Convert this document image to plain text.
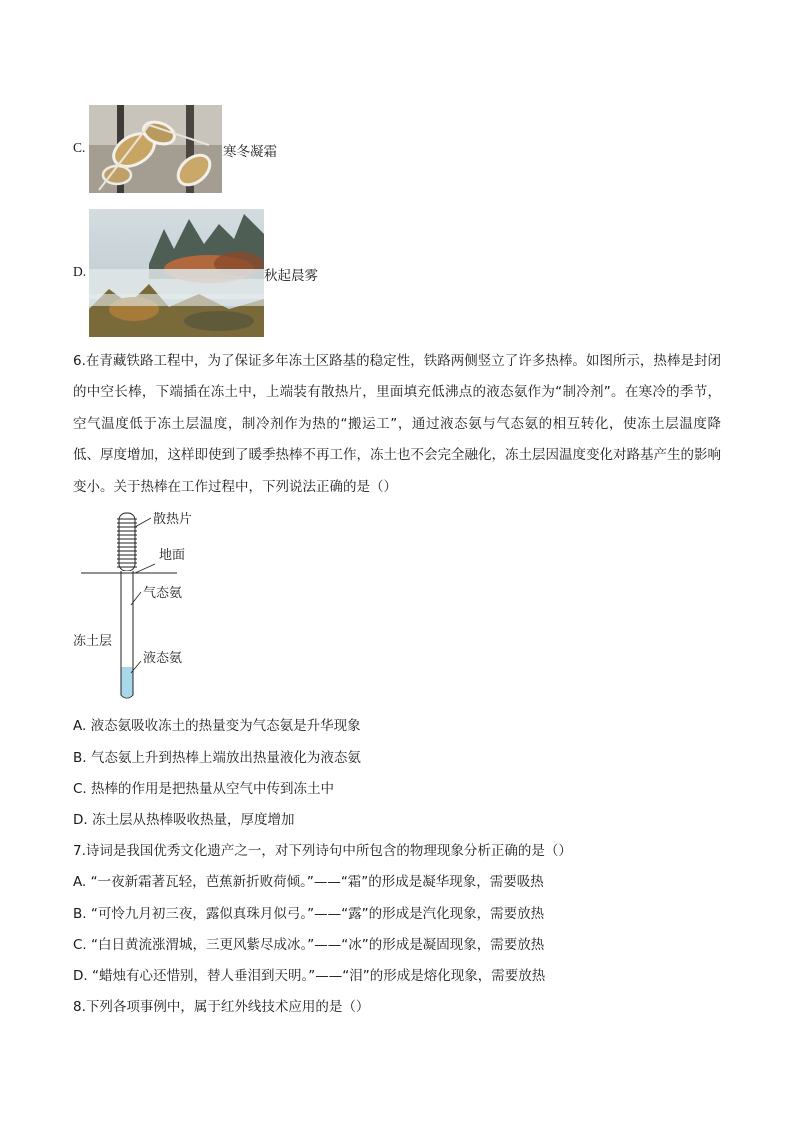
C.	寒冬凝霜
D.	秋起晨雾
6.在青藏铁路工程中，为了保证多年冻土区路基的稳定性，铁路两侧竖立了许多热棒。如图所示，热棒是封闭的中空长棒，下端插在冻土中，上端装有散热片，里面填充低沸点的液态氨作为“制冷剂”。在寒冷的季节，空气温度低于冻土层温度，制冷剂作为热的“搬运工”，通过液态氨与气态氨的相互转化，使冻土层温度降低、厚度增加，这样即使到了暖季热棒不再工作，冻土也不会完全融化，冻土层因温度变化对路基产生的影响变小。关于热棒在工作过程中，下列说法正确的是（）
散热片
地面
气态氨
冻土层
液态氨
A. 液态氨吸收冻土的热量变为气态氨是升华现象
B. 气态氨上升到热棒上端放出热量液化为液态氨
C. 热棒的作用是把热量从空气中传到冻土中
D. 冻土层从热棒吸收热量，厚度增加
7.诗词是我国优秀文化遗产之一，对下列诗句中所包含的物理现象分析正确的是（）
A. “一夜新霜著瓦轻，芭蕉新折败荷倾。”——“霜”的形成是凝华现象，需要吸热
B. “可怜九月初三夜，露似真珠月似弓。”——“露”的形成是汽化现象，需要放热
C. “白日黄流涨渭城，三更风紫尽成冰。”——“冰”的形成是凝固现象，需要放热
D. “蜡烛有心还惜别，替人垂泪到天明。”——“泪”的形成是熔化现象，需要放热
8.下列各项事例中，属于红外线技术应用的是（）
